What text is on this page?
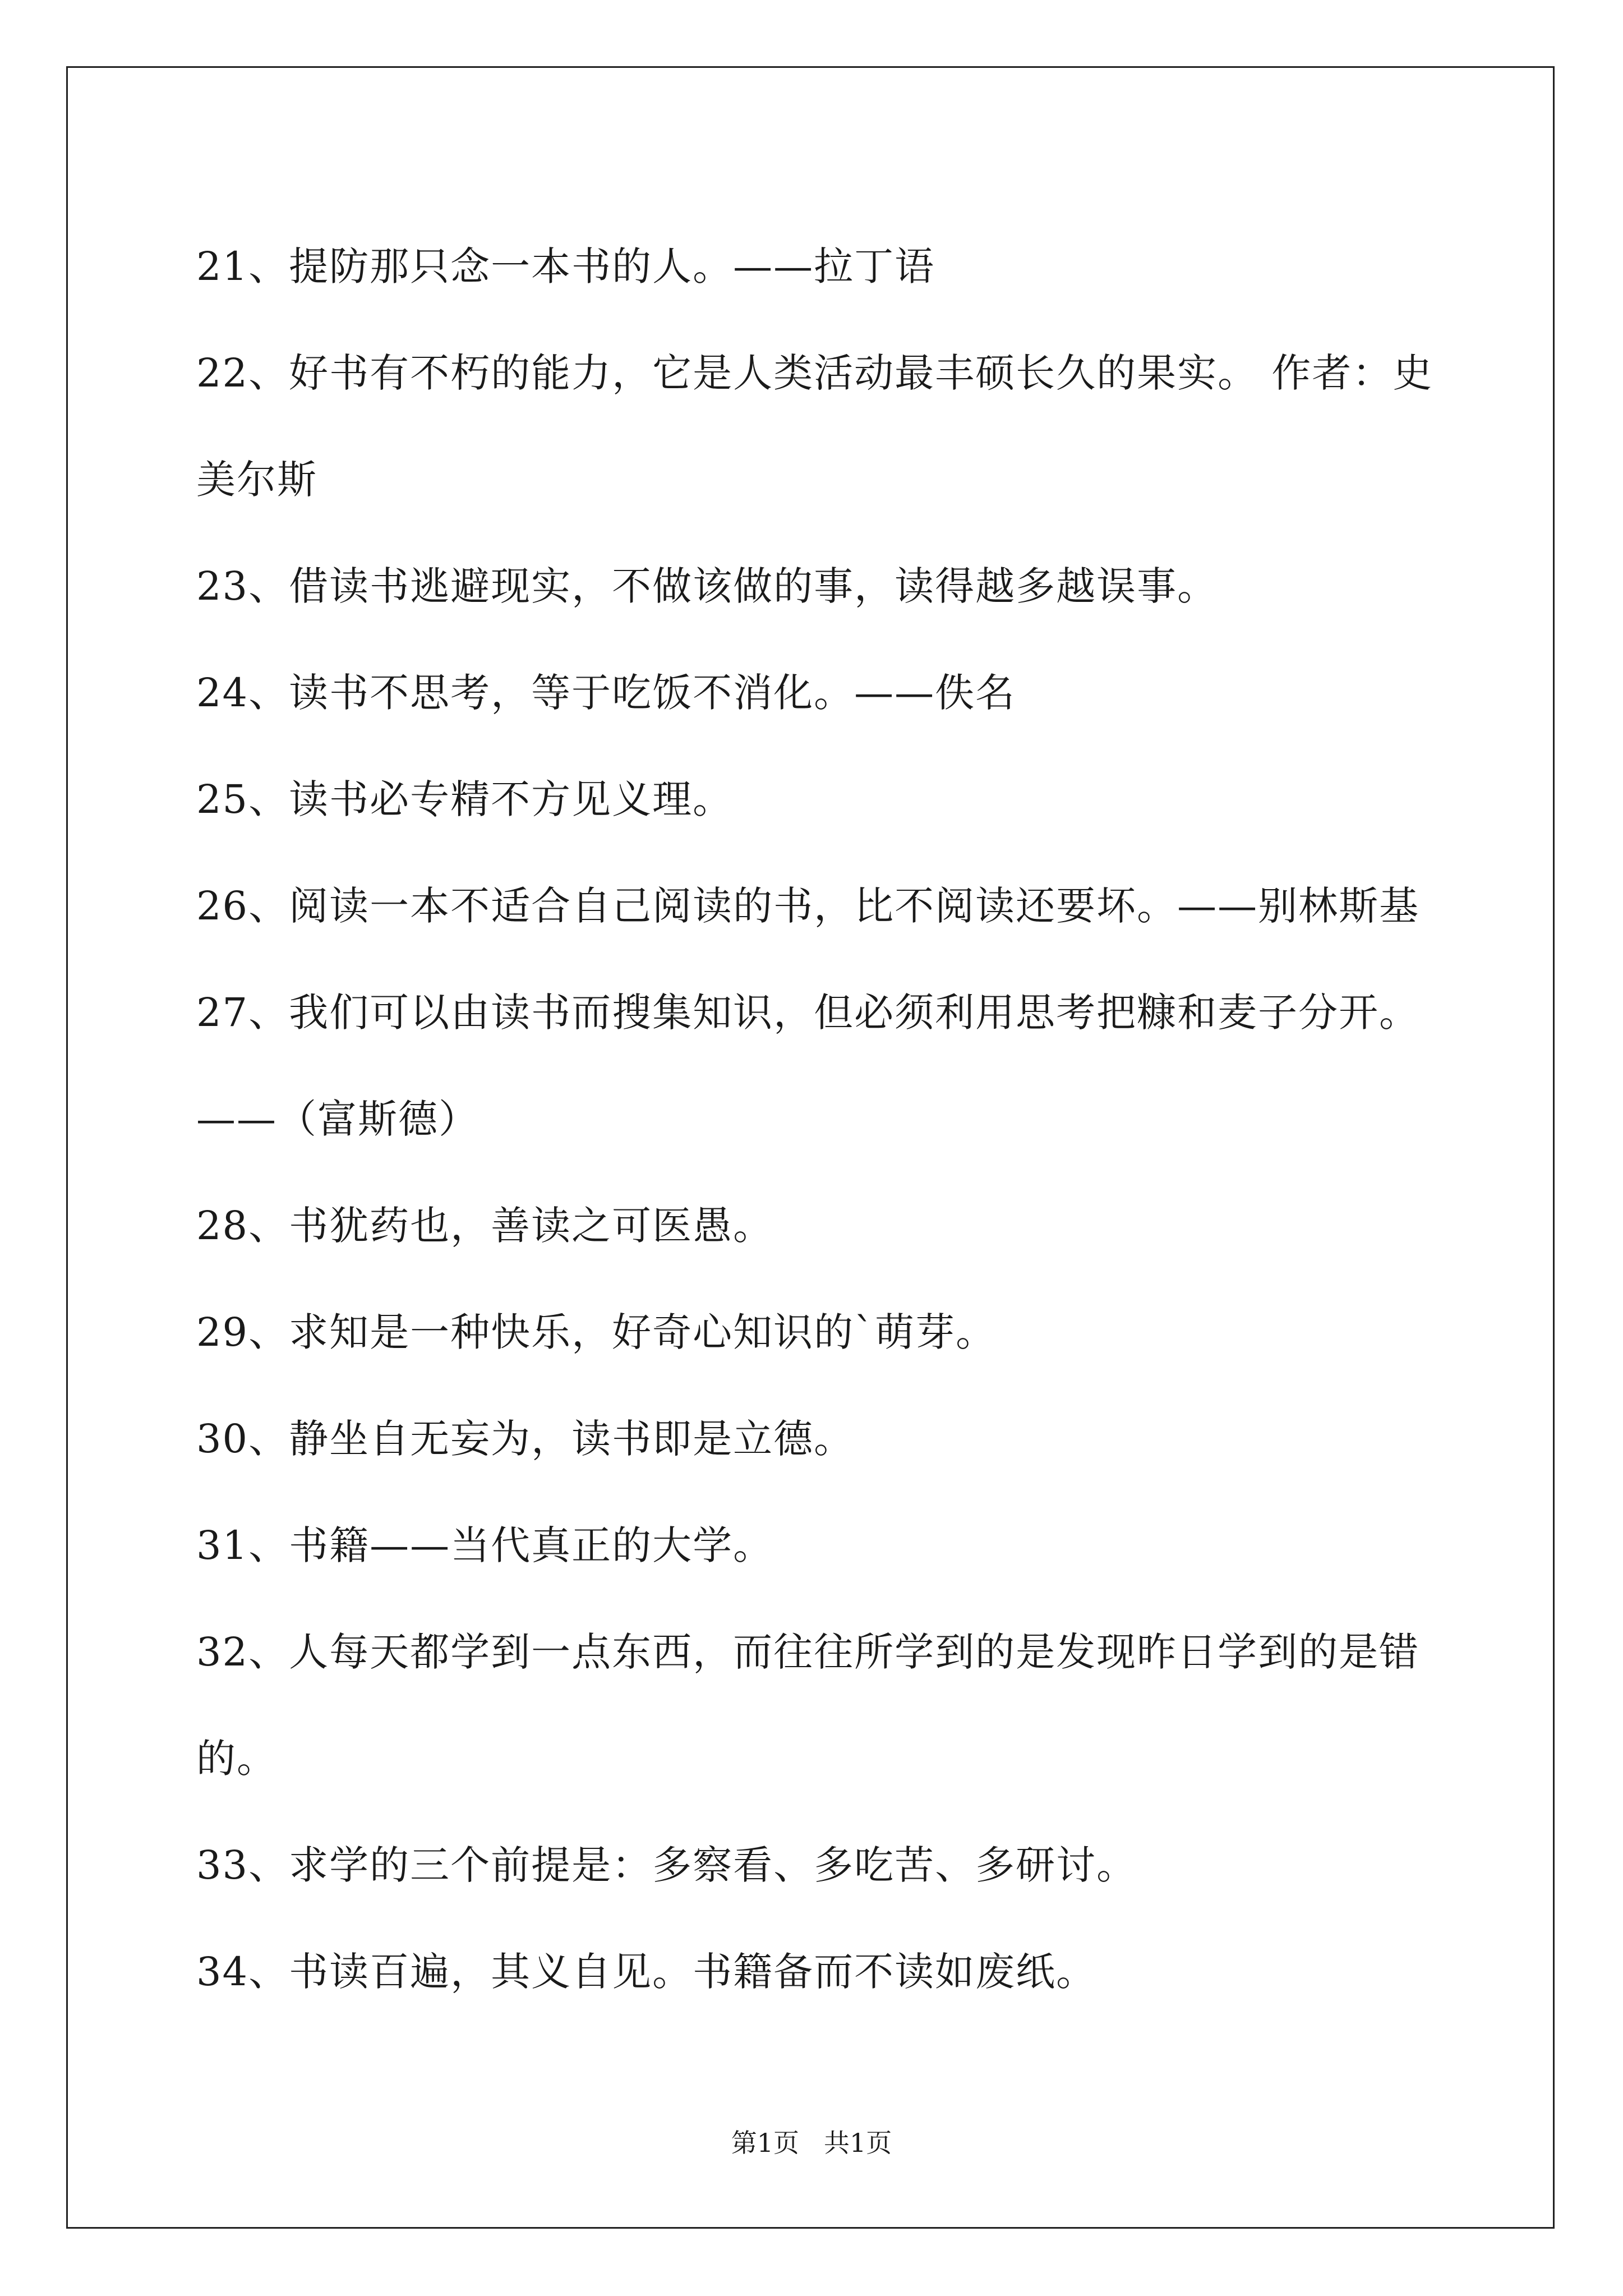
21、提防那只念一本书的人。——拉丁语
22、好书有不朽的能力，它是人类活动最丰硕长久的果实。 作者：史
美尔斯
23、借读书逃避现实，不做该做的事，读得越多越误事。
24、读书不思考，等于吃饭不消化。——佚名
25、读书必专精不方见义理。
26、阅读一本不适合自己阅读的书，比不阅读还要坏。——别林斯基
27、我们可以由读书而搜集知识，但必须利用思考把糠和麦子分开。
——（富斯德）
28、书犹药也，善读之可医愚。
29、求知是一种快乐，好奇心知识的`萌芽。
30、静坐自无妄为，读书即是立德。
31、书籍——当代真正的大学。
32、人每天都学到一点东西，而往往所学到的是发现昨日学到的是错
的。
33、求学的三个前提是：多察看、多吃苦、多研讨。
34、书读百遍，其义自见。书籍备而不读如废纸。
第1页 共1页
